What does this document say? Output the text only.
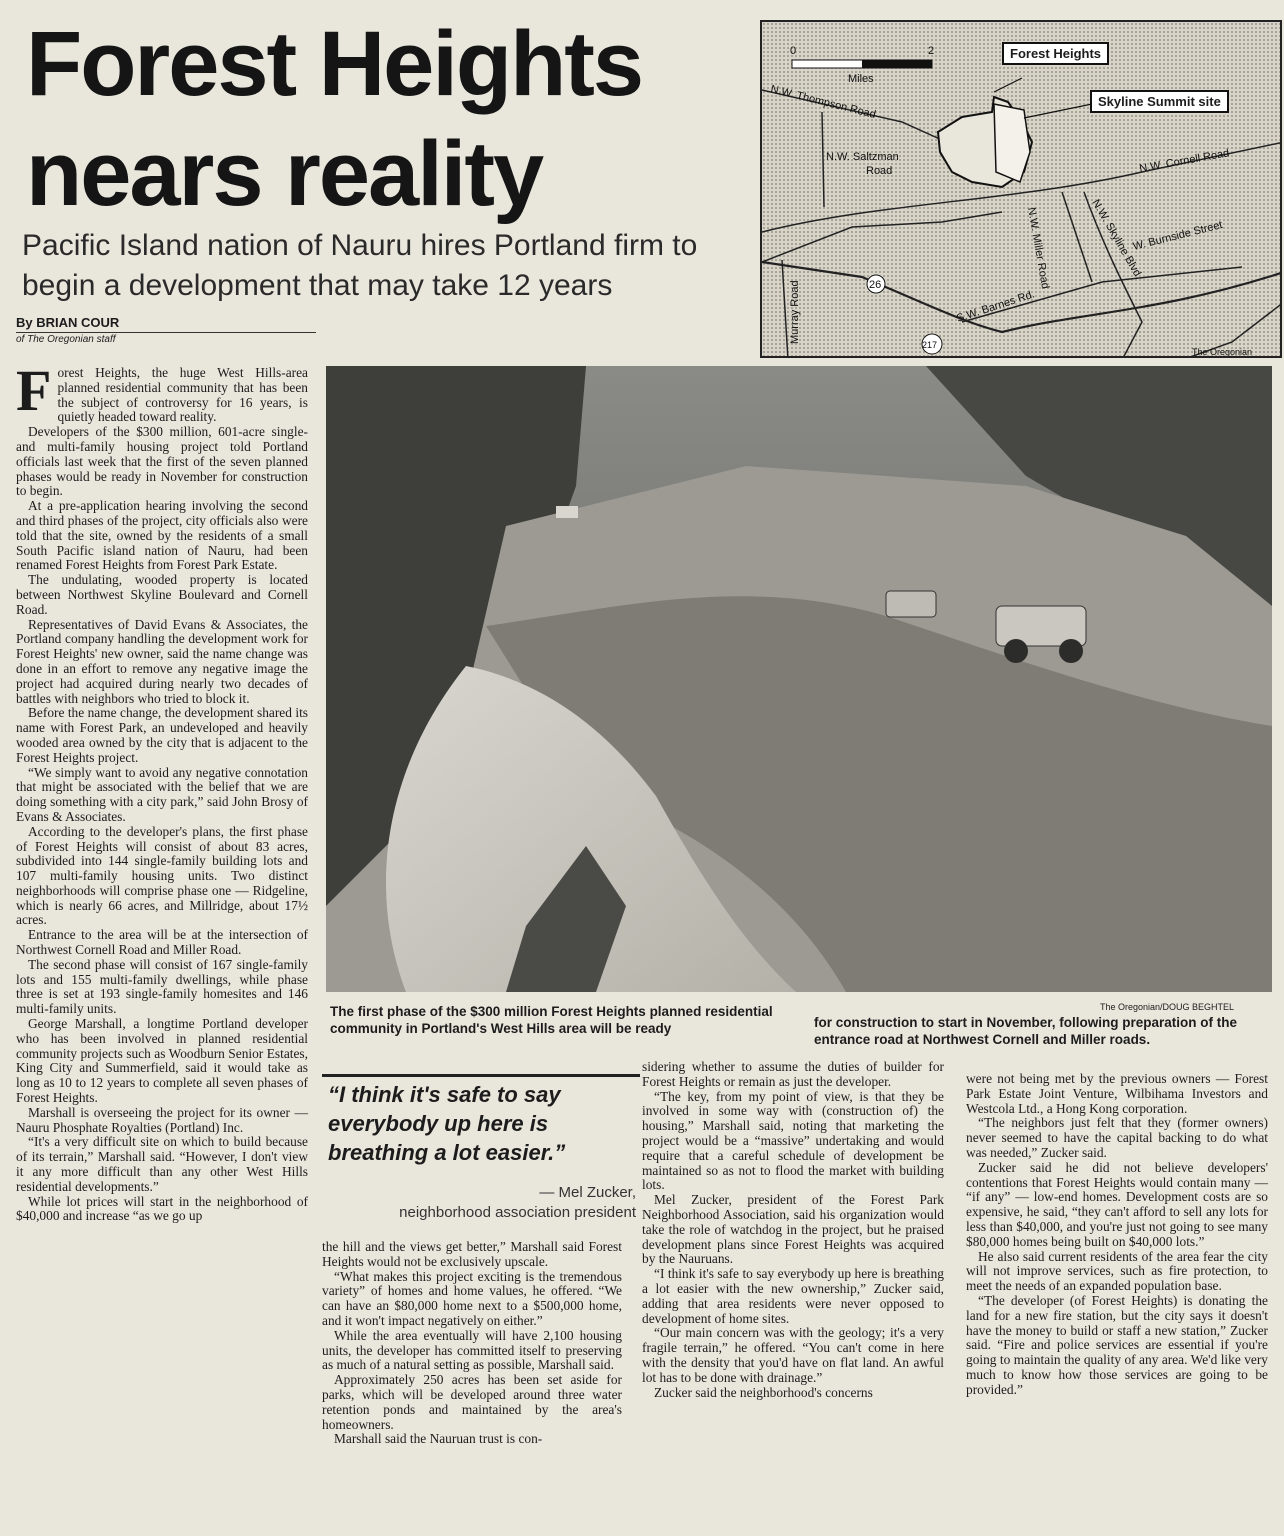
Forest Heights
nears reality
Pacific Island nation of Nauru hires Portland firm to begin a development that may take 12 years
By BRIAN COUR
of The Oregonian staff
0	2
Miles
N.W. Thompson Road
N.W. Saltzman
Road	N.W. Cornell Road
N.W. Skyline Blvd.
W. Burnside Street
S.W. Barnes Rd.
Murray Road
N.W. Miller Road
26
217
The Oregonian
Forest Heights
Skyline Summit site
The Oregonian/DOUG BEGHTEL
The first phase of the $300 million Forest Heights planned residential community in Portland's West Hills area will be ready	for construction to start in November, following preparation of the entrance road at Northwest Cornell and Miller roads.

Forest Heights, the huge West Hills-area planned residential community that has been the subject of controversy for 16 years, is quietly headed toward reality.

Developers of the $300 million, 601-acre single- and multi-family housing project told Portland officials last week that the first of the seven planned phases would be ready in November for construction to begin.

At a pre-application hearing involving the second and third phases of the project, city officials also were told that the site, owned by the residents of a small South Pacific island nation of Nauru, had been renamed Forest Heights from Forest Park Estate.

The undulating, wooded property is located between Northwest Skyline Boulevard and Cornell Road.

Representatives of David Evans & Associates, the Portland company handling the development work for Forest Heights' new owner, said the name change was done in an effort to remove any negative image the project had acquired during nearly two decades of battles with neighbors who tried to block it.

Before the name change, the development shared its name with Forest Park, an undeveloped and heavily wooded area owned by the city that is adjacent to the Forest Heights project.

“We simply want to avoid any negative connotation that might be associated with the belief that we are doing something with a city park,” said John Brosy of Evans & Associates.

According to the developer's plans, the first phase of Forest Heights will consist of about 83 acres, subdivided into 144 single-family building lots and 107 multi-family housing units. Two distinct neighborhoods will comprise phase one — Ridgeline, which is nearly 66 acres, and Millridge, about 17½ acres.

Entrance to the area will be at the intersection of Northwest Cornell Road and Miller Road.

The second phase will consist of 167 single-family lots and 155 multi-family dwellings, while phase three is set at 193 single-family homesites and 146 multi-family units.

George Marshall, a longtime Portland developer who has been involved in planned residential community projects such as Woodburn Senior Estates, King City and Summerfield, said it would take as long as 10 to 12 years to complete all seven phases of Forest Heights.

Marshall is overseeing the project for its owner — Nauru Phosphate Royalties (Portland) Inc.

“It's a very difficult site on which to build because of its terrain,” Marshall said. “However, I don't view it any more difficult than any other West Hills residential developments.”

While lot prices will start in the neighborhood of $40,000 and increase “as we go up

“I think it's safe to say everybody up here is breathing a lot easier.”
— Mel Zucker,
neighborhood association president

the hill and the views get better,” Marshall said Forest Heights would not be exclusively upscale.

“What makes this project exciting is the tremendous variety” of homes and home values, he offered. “We can have an $80,000 home next to a $500,000 home, and it won't impact negatively on either.”

While the area eventually will have 2,100 housing units, the developer has committed itself to preserving as much of a natural setting as possible, Marshall said.

Approximately 250 acres has been set aside for parks, which will be developed around three water retention ponds and maintained by the area's homeowners.

Marshall said the Nauruan trust is con-

sidering whether to assume the duties of builder for Forest Heights or remain as just the developer.

“The key, from my point of view, is that they be involved in some way with (construction of) the housing,” Marshall said, noting that marketing the project would be a “massive” undertaking and would require that a careful schedule of development be maintained so as not to flood the market with building lots.

Mel Zucker, president of the Forest Park Neighborhood Association, said his organization would take the role of watchdog in the project, but he praised development plans since Forest Heights was acquired by the Nauruans.

“I think it's safe to say everybody up here is breathing a lot easier with the new ownership,” Zucker said, adding that area residents were never opposed to development of home sites.

“Our main concern was with the geology; it's a very fragile terrain,” he offered. “You can't come in here with the density that you'd have on flat land. An awful lot has to be done with drainage.”

Zucker said the neighborhood's concerns

were not being met by the previous owners — Forest Park Estate Joint Venture, Wilbihama Investors and Westcola Ltd., a Hong Kong corporation.

“The neighbors just felt that they (former owners) never seemed to have the capital backing to do what was needed,” Zucker said.

Zucker said he did not believe developers' contentions that Forest Heights would contain many — “if any” — low-end homes. Development costs are so expensive, he said, “they can't afford to sell any lots for less than $40,000, and you're just not going to see many $80,000 homes being built on $40,000 lots.”

He also said current residents of the area fear the city will not improve services, such as fire protection, to meet the needs of an expanded population base.

“The developer (of Forest Heights) is donating the land for a new fire station, but the city says it doesn't have the money to build or staff a new station,” Zucker said. “Fire and police services are essential if you're going to maintain the quality of any area. We'd like very much to know how those services are going to be provided.”
